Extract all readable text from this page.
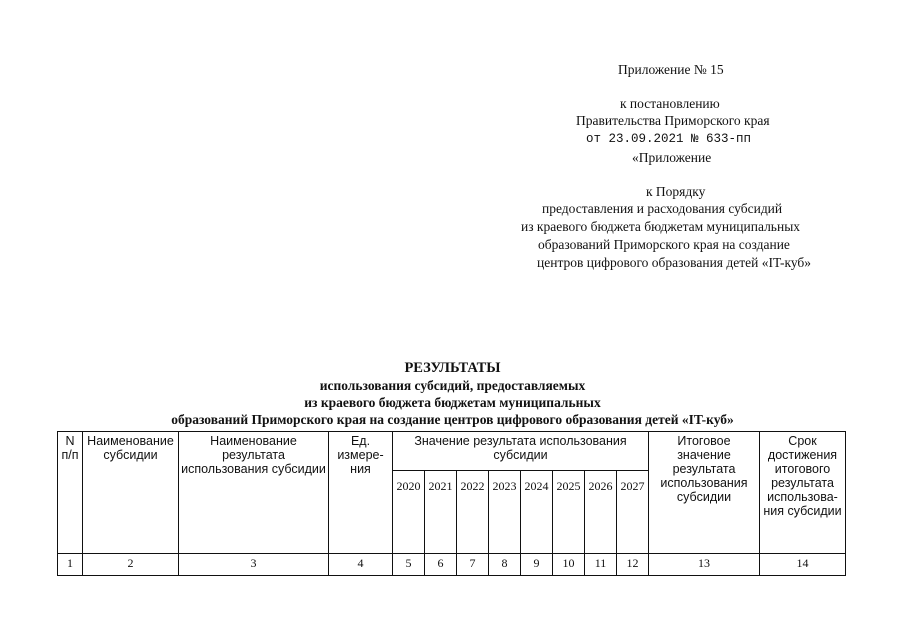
Приложение № 15
к постановлению
Правительства Приморского края
от 23.09.2021 № 633-пп
«Приложение
к Порядку
предоставления и расходования субсидий
из краевого бюджета бюджетам муниципальных
образований Приморского края на создание
центров цифрового образования детей «IT-куб»
РЕЗУЛЬТАТЫ
использования субсидий, предоставляемых
из краевого бюджета бюджетам муниципальных
образований Приморского края на создание центров цифрового образования детей «IT-куб»
N п/п	Наименование субсидии	Наименование результата использования субсидии	Ед. измере-ния	Значение результата использования субсидии								Итоговое значение результата использования субсидии	Срок достижения итогового результата использова-ния субсидии
				2020	2021	2022	2023	2024	2025	2026	2027		
1	2	3	4	5	6	7	8	9	10	11	12	13	14
